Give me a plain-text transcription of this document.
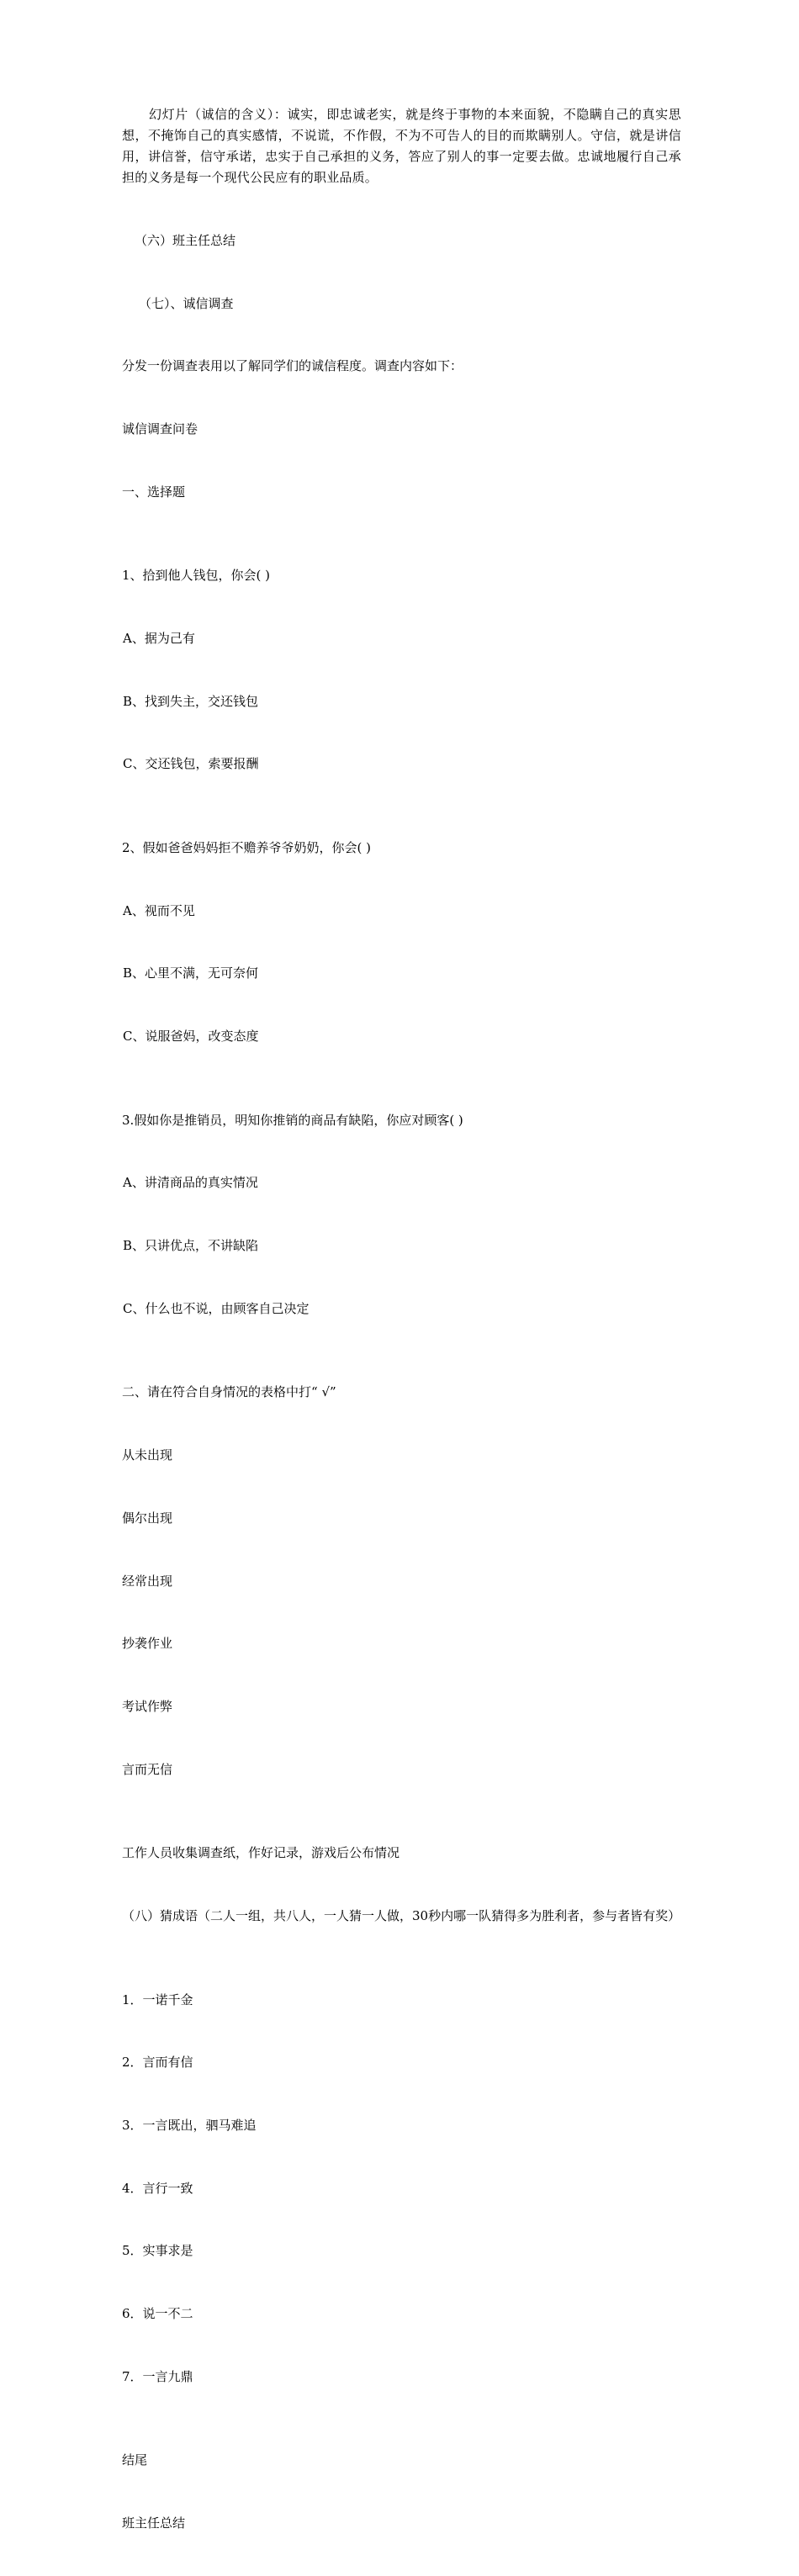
幻灯片（诚信的含义）：诚实，即忠诚老实，就是终于事物的本来面貌，不隐瞒自己的真实思想，不掩饰自己的真实感情，不说谎，不作假，不为不可告人的目的而欺瞒别人。守信，就是讲信用，讲信誉，信守承诺，忠实于自己承担的义务，答应了别人的事一定要去做。忠诚地履行自己承担的义务是每一个现代公民应有的职业品质。

（六）班主任总结

（七）、诚信调查

分发一份调查表用以了解同学们的诚信程度。调查内容如下：

诚信调查问卷

一、选择题

1、拾到他人钱包，你会( )

A、据为己有

B、找到失主，交还钱包

C、交还钱包，索要报酬

2、假如爸爸妈妈拒不赡养爷爷奶奶，你会( )

A、视而不见

B、心里不满，无可奈何

C、说服爸妈，改变态度

3.假如你是推销员，明知你推销的商品有缺陷，你应对顾客( )

A、讲清商品的真实情况

B、只讲优点，不讲缺陷

C、什么也不说，由顾客自己决定

二、请在符合自身情况的表格中打“ √”

从未出现

偶尔出现

经常出现

抄袭作业

考试作弊

言而无信

工作人员收集调查纸，作好记录，游戏后公布情况

（八）猜成语（二人一组，共八人，一人猜一人做，30秒内哪一队猜得多为胜利者，参与者皆有奖）

1．一诺千金

2．言而有信

3．一言既出，驷马难追

4．言行一致

5．实事求是

6．说一不二

7．一言九鼎

结尾

班主任总结
